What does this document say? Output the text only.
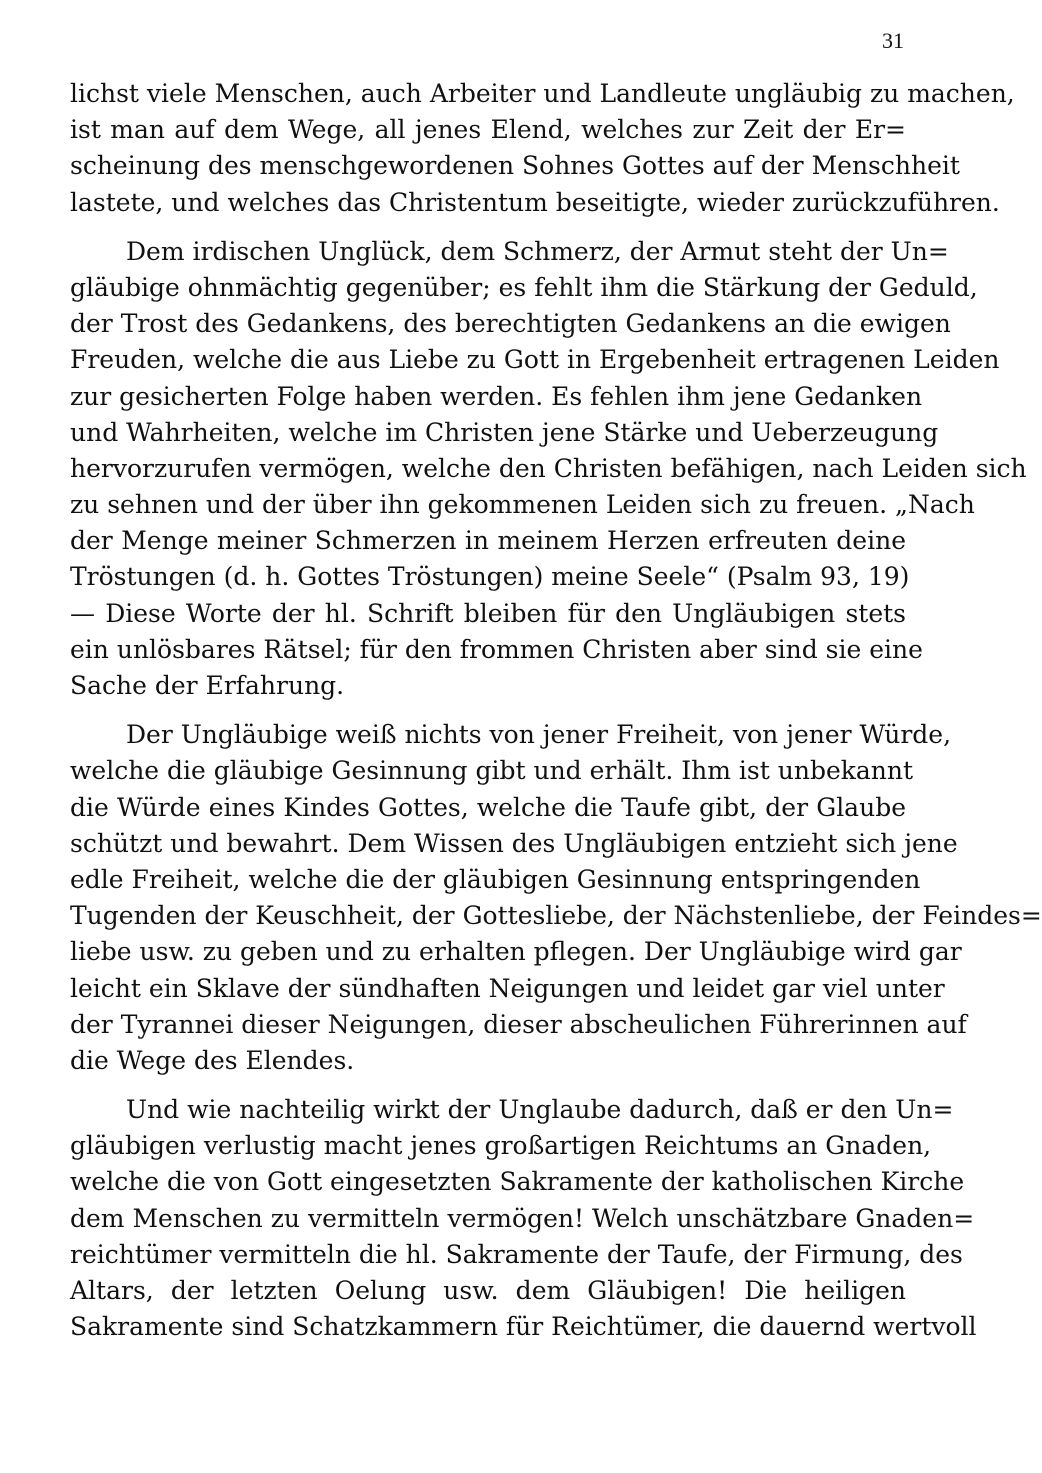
31
lichst viele Menschen, auch Arbeiter und Landleute ungläubig zu machen,
ist man auf dem Wege, all jenes Elend, welches zur Zeit der Er=
scheinung des menschgewordenen Sohnes Gottes auf der Menschheit
lastete, und welches das Christentum beseitigte, wieder zurückzuführen.
Dem irdischen Unglück, dem Schmerz, der Armut steht der Un=
gläubige ohnmächtig gegenüber; es fehlt ihm die Stärkung der Geduld,
der Trost des Gedankens, des berechtigten Gedankens an die ewigen
Freuden, welche die aus Liebe zu Gott in Ergebenheit ertragenen Leiden
zur gesicherten Folge haben werden. Es fehlen ihm jene Gedanken
und Wahrheiten, welche im Christen jene Stärke und Ueberzeugung
hervorzurufen vermögen, welche den Christen befähigen, nach Leiden sich
zu sehnen und der über ihn gekommenen Leiden sich zu freuen. „Nach
der Menge meiner Schmerzen in meinem Herzen erfreuten deine
Tröstungen (d. h. Gottes Tröstungen) meine Seele“ (Psalm 93, 19)
— Diese Worte der hl. Schrift bleiben für den Ungläubigen stets
ein unlösbares Rätsel; für den frommen Christen aber sind sie eine
Sache der Erfahrung.
Der Ungläubige weiß nichts von jener Freiheit, von jener Würde,
welche die gläubige Gesinnung gibt und erhält. Ihm ist unbekannt
die Würde eines Kindes Gottes, welche die Taufe gibt, der Glaube
schützt und bewahrt. Dem Wissen des Ungläubigen entzieht sich jene
edle Freiheit, welche die der gläubigen Gesinnung entspringenden
Tugenden der Keuschheit, der Gottesliebe, der Nächstenliebe, der Feindes=
liebe usw. zu geben und zu erhalten pflegen. Der Ungläubige wird gar
leicht ein Sklave der sündhaften Neigungen und leidet gar viel unter
der Tyrannei dieser Neigungen, dieser abscheulichen Führerinnen auf
die Wege des Elendes.
Und wie nachteilig wirkt der Unglaube dadurch, daß er den Un=
gläubigen verlustig macht jenes großartigen Reichtums an Gnaden,
welche die von Gott eingesetzten Sakramente der katholischen Kirche
dem Menschen zu vermitteln vermögen! Welch unschätzbare Gnaden=
reichtümer vermitteln die hl. Sakramente der Taufe, der Firmung, des
Altars, der letzten Oelung usw. dem Gläubigen! Die heiligen
Sakramente sind Schatzkammern für Reichtümer, die dauernd wertvoll
